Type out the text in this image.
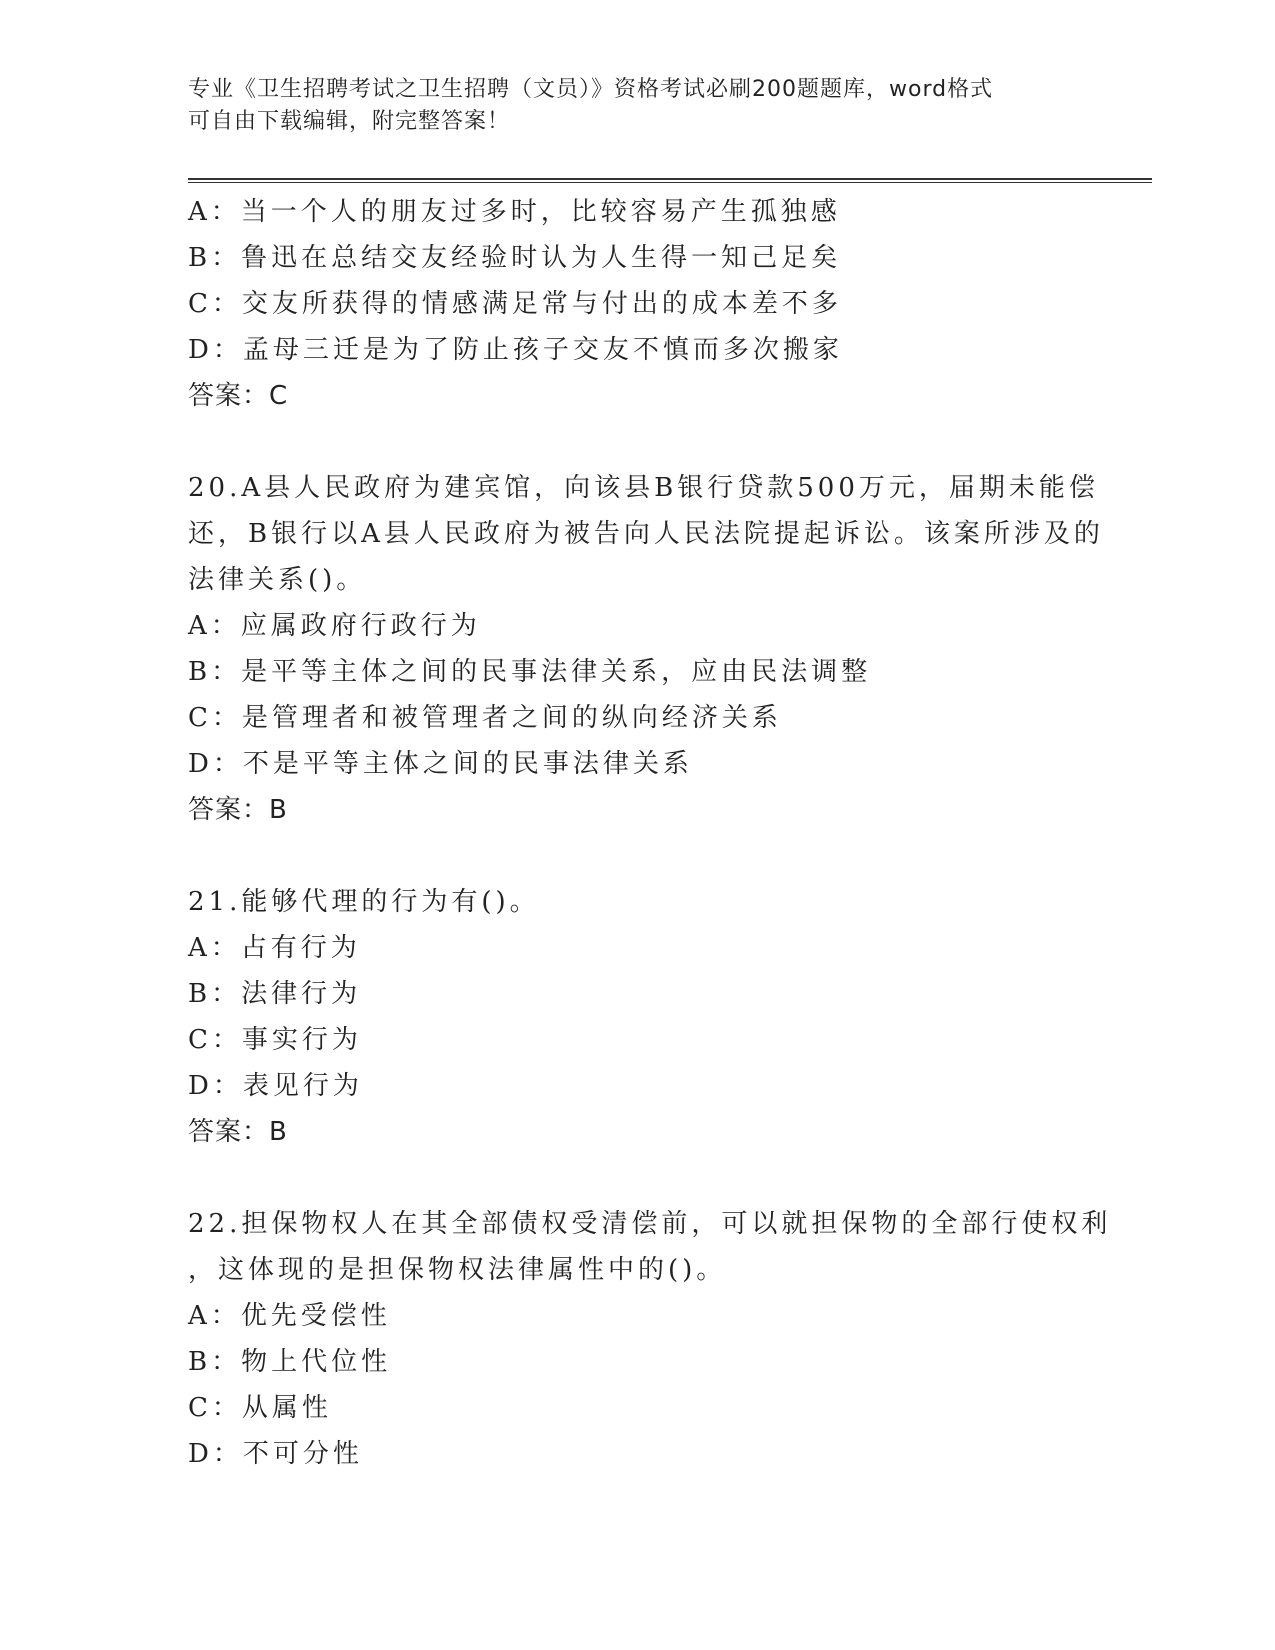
专业《卫生招聘考试之卫生招聘（文员）》资格考试必刷200题题库，word格式
可自由下载编辑，附完整答案！
A：当一个人的朋友过多时，比较容易产生孤独感
B：鲁迅在总结交友经验时认为人生得一知己足矣
C：交友所获得的情感满足常与付出的成本差不多
D：孟母三迁是为了防止孩子交友不慎而多次搬家
答案：C
20.A县人民政府为建宾馆，向该县B银行贷款500万元，届期未能偿
还，B银行以A县人民政府为被告向人民法院提起诉讼。该案所涉及的
法律关系()。
A：应属政府行政行为
B：是平等主体之间的民事法律关系，应由民法调整
C：是管理者和被管理者之间的纵向经济关系
D：不是平等主体之间的民事法律关系
答案：B
21.能够代理的行为有()。
A：占有行为
B：法律行为
C：事实行为
D：表见行为
答案：B
22.担保物权人在其全部债权受清偿前，可以就担保物的全部行使权利
，这体现的是担保物权法律属性中的()。
A：优先受偿性
B：物上代位性
C：从属性
D：不可分性
